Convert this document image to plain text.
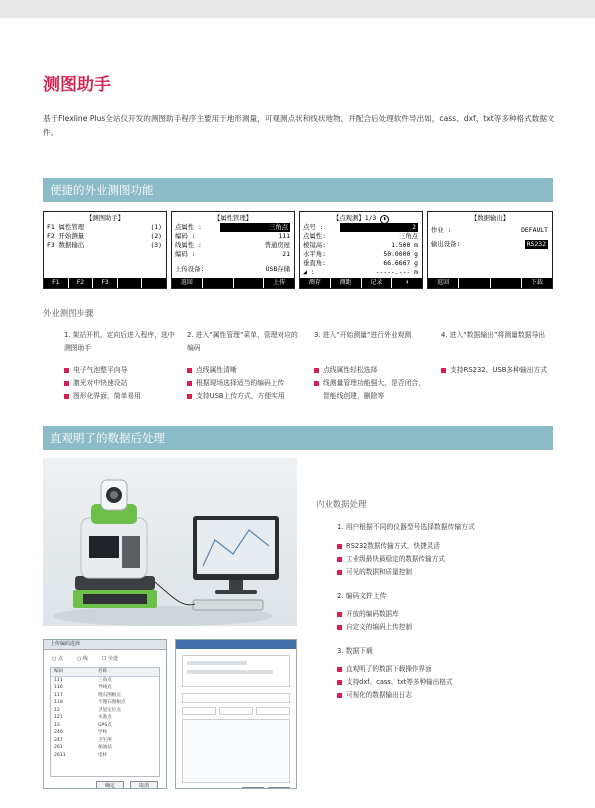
测图助手
基于Flexline Plus全站仪开发的测图助手程序主要用于地形测量，可观测点状和线状地物，并配合后处理软件导出如，cass、dxf、txt等多种格式数据文件。
便捷的外业测图功能
【测图助手】
F1 属性管理	(1)
F2 开始测量	(2)
F3 数据输出	(3)
F1	F2	F3
【属性管理】
点属性 :	三角点
编码 :	111
线属性 :	普通房屋
编码 :	21
上传设备:	USB存储
返回	上传
【点观测】1/3 ▮
点号 :	2
点属性:	三角点
棱镜高:	1.500 m
水平角:	50.0000 g
垂直角:	66.6667 g
◢ :	-----.--- m
测存	测距	记录	⬇
【数据输出】
作业 :	DEFAULT
输出设备:	RS232
返回	下载
外业测图步骤
1. 架站开机，定向后进入程序，选中测图助手
电子气泡整平向导
激光对中快速设站
图形化界面，简单易用
2. 进入“属性管理”菜单，管理对应的编码
点线属性清晰
根据现场选择适当的编码上传
支持USB上传方式，方便实用
3. 进入“开始测量”进行外业观测
点线属性轻松选择
线测量管理功能强大，是否闭合，智能线创建，删除等
4. 进入“数据输出”将测量数据导出
支持RS232、USB多种输出方式
直观明了的数据后处理
内业数据处理
1. 用户根据不同的仪器型号选择数据传输方式
RS232数据传输方式，快捷灵活
工业级最快最稳定的数据传输方式
可见的数据和质量控制
2. 编码文件上传
开放的编码数据库
自定义的编码上传控制
3. 数据下载
直观明了的数据下载操作界面
支持dxf、cass、txt等多种输出格式
可视化的数据输出日志
上传编码选择
○ 点	○ 线	☐ 全选
编码	名称
111	三角点
116	导线点
117	埋石图根点
118	不埋石图根点
12	卫星定位点
121	水准点
13	GPS点
246	学校
247	卫生所
261	加油站
2611	电杆
确定	取消
